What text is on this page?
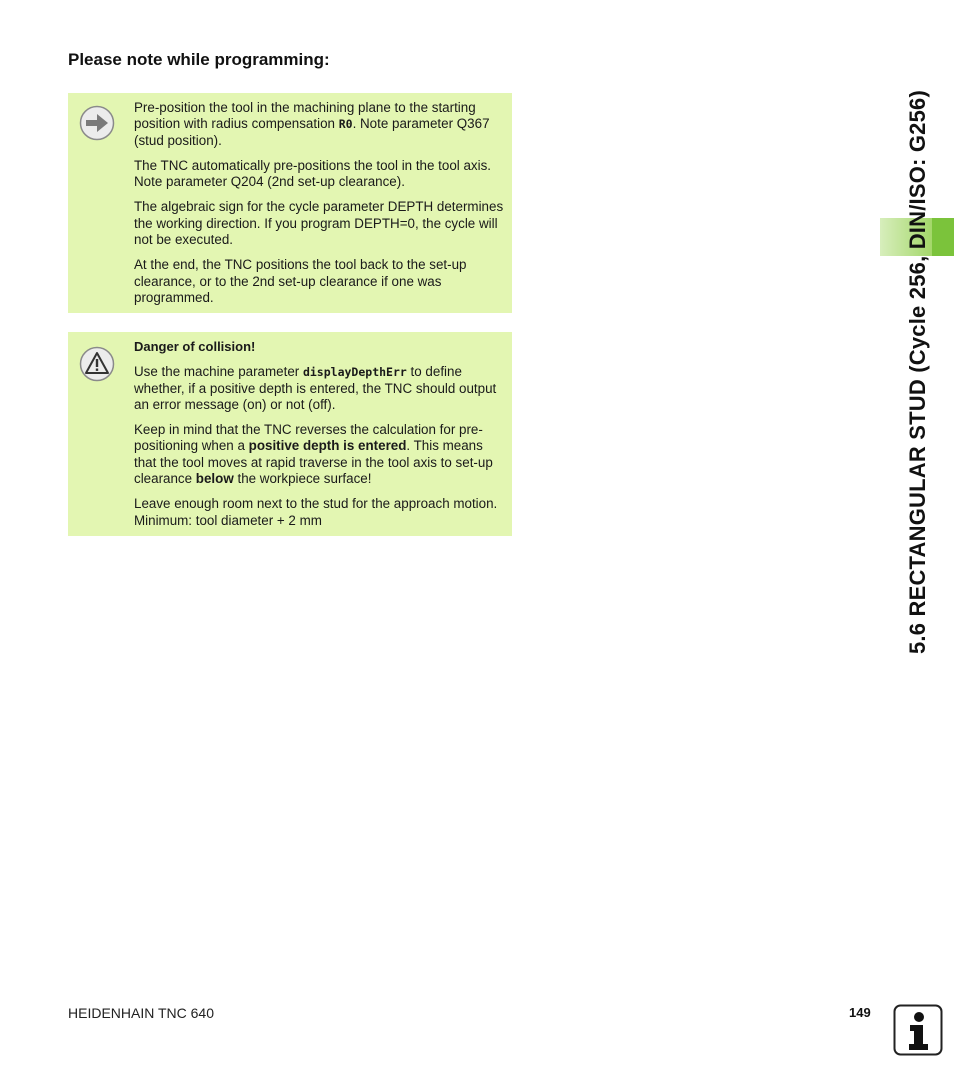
Please note while programming:

Pre-position the tool in the machining plane to the starting position with radius compensation R0. Note parameter Q367 (stud position).

The TNC automatically pre-positions the tool in the tool axis. Note parameter Q204 (2nd set-up clearance).

The algebraic sign for the cycle parameter DEPTH determines the working direction. If you program DEPTH=0, the cycle will not be executed.

At the end, the TNC positions the tool back to the set-up clearance, or to the 2nd set-up clearance if one was programmed.

Danger of collision!

Use the machine parameter displayDepthErr to define whether, if a positive depth is entered, the TNC should output an error message (on) or not (off).

Keep in mind that the TNC reverses the calculation for pre-positioning when a positive depth is entered. This means that the tool moves at rapid traverse in the tool axis to set-up clearance below the workpiece surface!

Leave enough room next to the stud for the approach motion. Minimum: tool diameter + 2 mm	5.6 RECTANGULAR STUD (Cycle 256, DIN/ISO: G256)
HEIDENHAIN TNC 640	149
